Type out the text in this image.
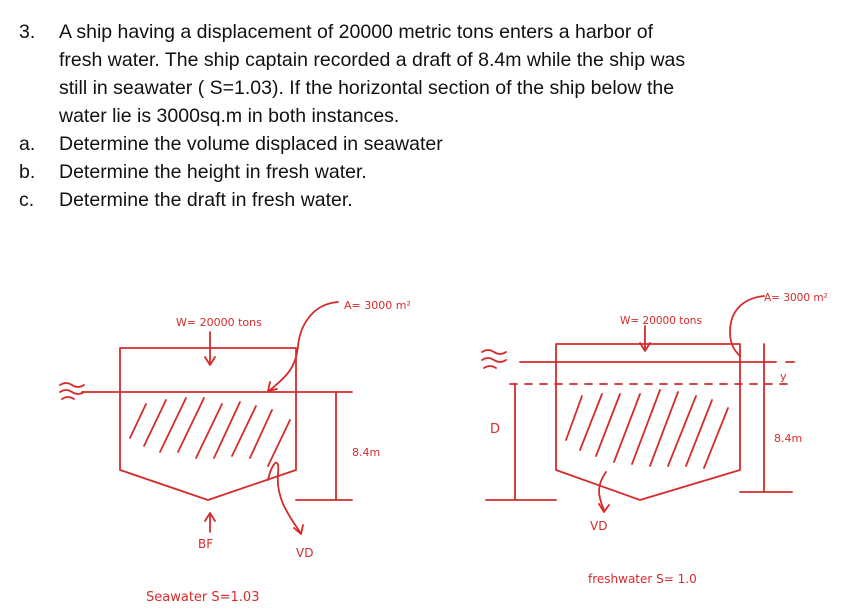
3.	A ship having a displacement of 20000 metric tons enters a harbor of
fresh water. The ship captain recorded a draft of 8.4m while the ship was
still in seawater ( S=1.03). If the horizontal section of the ship below the
water lie is 3000sq.m in both instances.
a.	Determine the volume displaced in seawater
b.	Determine the height in fresh water.
c.	Determine the draft in fresh water.
W= 20000 tons
A= 3000 m²
8.4m
BF
VD
Seawater S=1.03
W= 20000 tons
A= 3000 m²
y
8.4m
D
VD
freshwater S= 1.0
